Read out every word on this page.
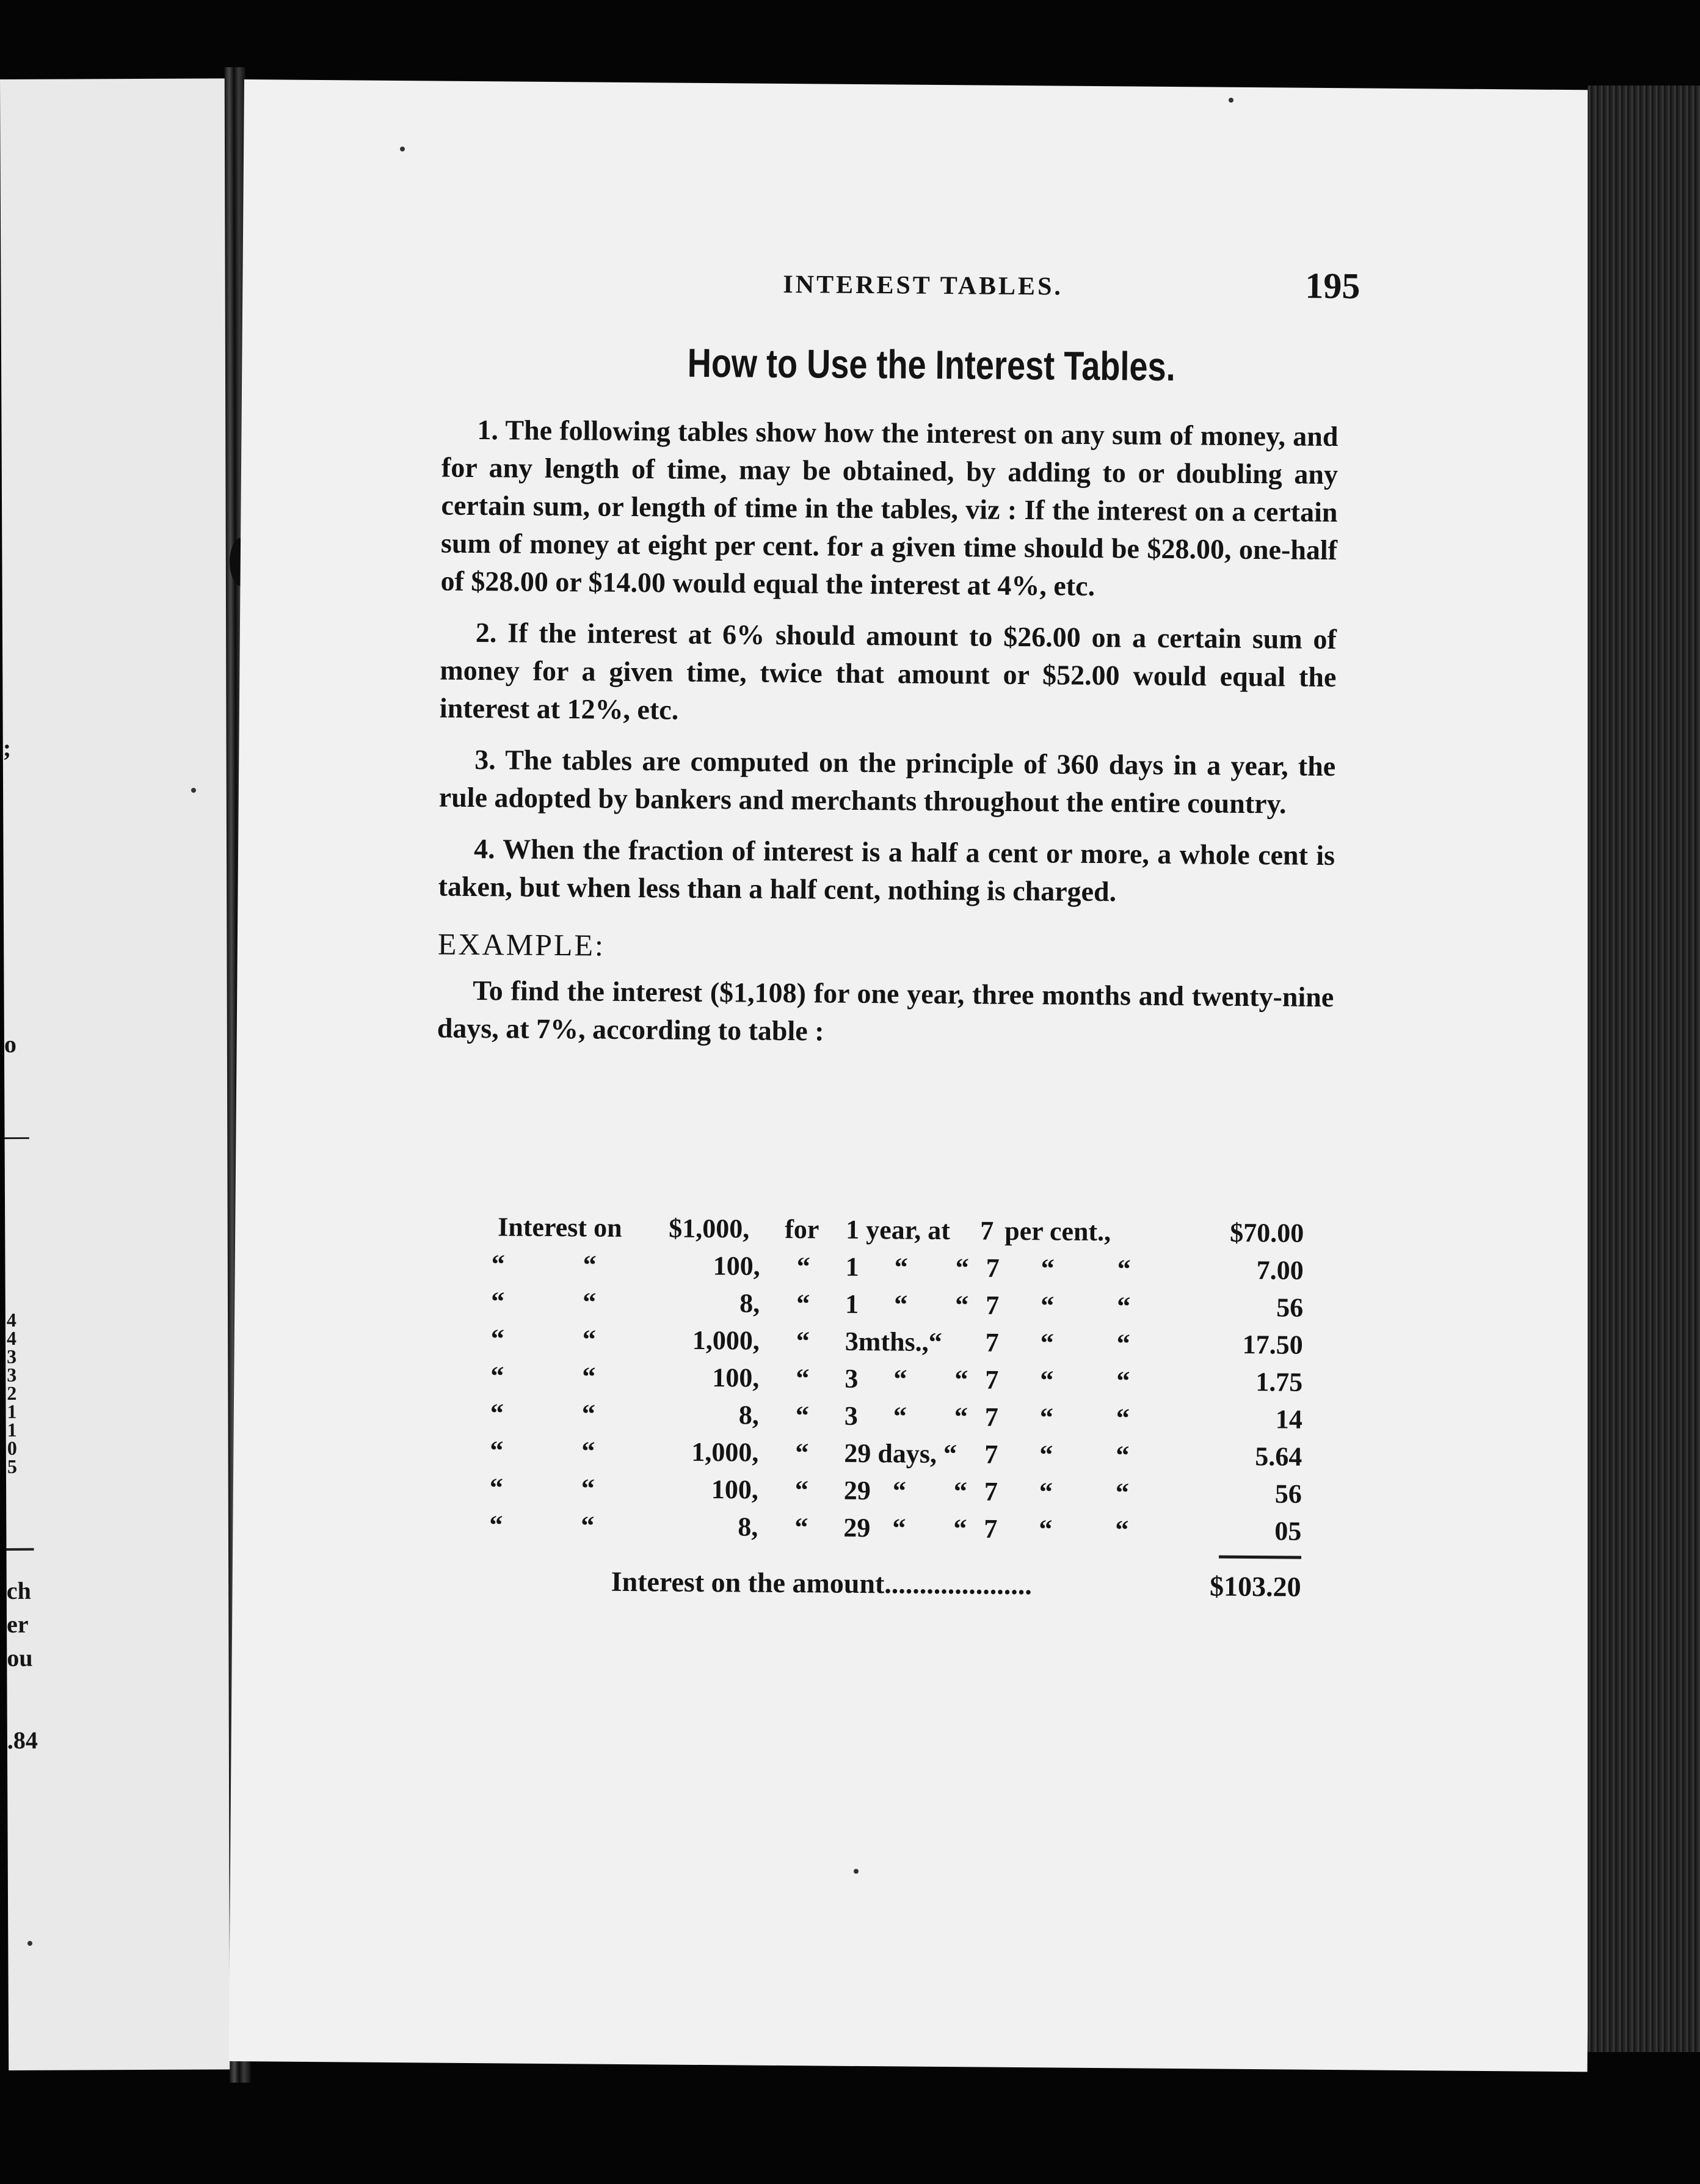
;
o
—
4
4
3
3
2
1
1
0
5
ch
er
ou
.84
INTEREST TABLES.	195
How to Use the Interest Tables.

1. The following tables show how the interest on any sum of money, and for any length of time, may be obtained, by adding to or doubling any certain sum, or length of time in the tables, viz : If the interest on a certain sum of money at eight per cent. for a given time should be $28.00, one-half of $28.00 or $14.00 would equal the interest at 4%, etc.

2. If the interest at 6% should amount to $26.00 on a certain sum of money for a given time, twice that amount or $52.00 would equal the interest at 12%, etc.

3. The tables are computed on the principle of 360 days in a year, the rule adopted by bankers and merchants throughout the entire country.

4. When the fraction of interest is a half a cent or more, a whole cent is taken, but when less than a half cent, nothing is charged.

EXAMPLE:

To find the interest ($1,108) for one year, three months and twenty-nine days, at 7%, according to table :

Interest on $1,000, for 1 year, at 7 per cent.,	$70.00
“	“	100, “ 1 “ “ 7 “ “	7.00
“	“	8, “ 1 “ “ 7 “ “	56
“	“	1,000, “ 3mths.,“ 7 “ “	17.50
“	“	100, “ 3 “ “ 7 “ “	1.75
“	“	8, “ 3 “ “ 7 “ “	14
“	“	1,000, “ 29 days, “ 7 “ “	5.64
“	“	100, “ 29 “ “ 7 “ “	56
“	“	8, “ 29 “ “ 7 “ “	05
Interest on the amount.....................	$103.20
